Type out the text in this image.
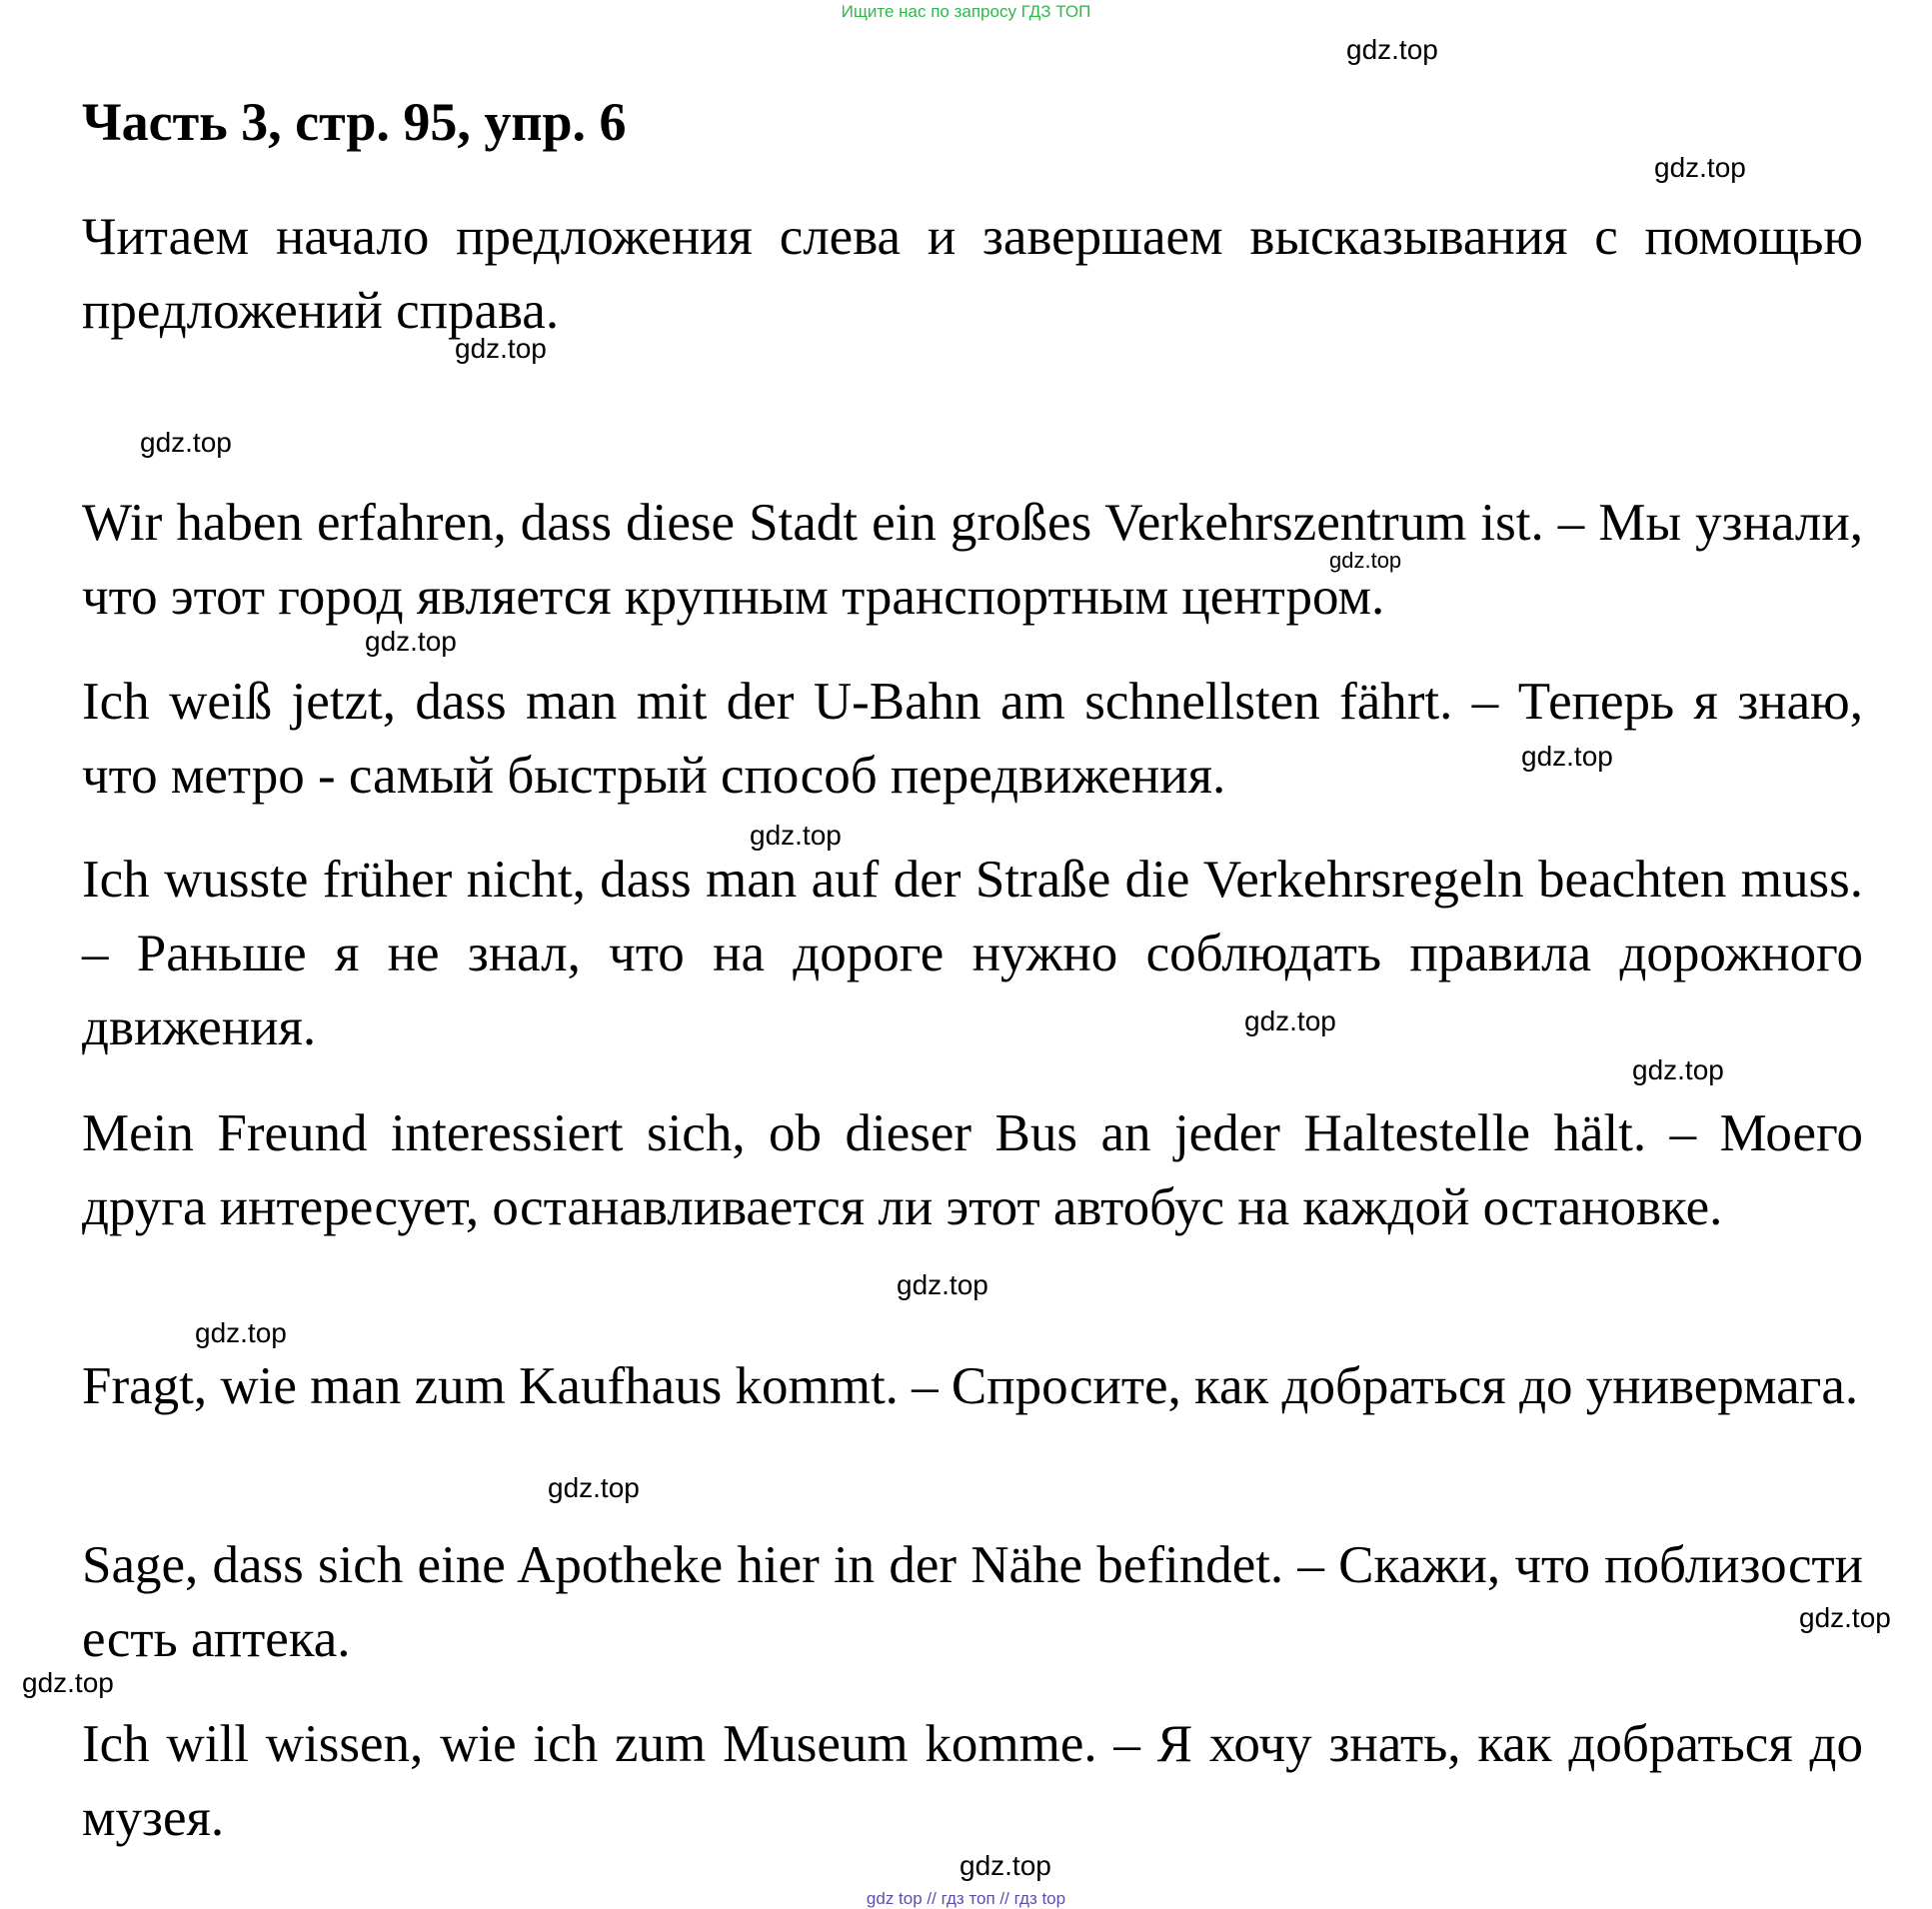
Ищите нас по запросу ГДЗ ТОП
Часть 3, стр. 95, упр. 6

Читаем начало предложения слева и завершаем высказывания с помощью предложений справа.

Wir haben erfahren, dass diese Stadt ein großes Verkehrszentrum ist. – Мы узнали, что этот город является крупным транспортным центром.

Ich weiß jetzt, dass man mit der U-Bahn am schnellsten fährt. – Теперь я знаю, что метро - самый быстрый способ передвижения.

Ich wusste früher nicht, dass man auf der Straße die Verkehrsregeln beachten muss. – Раньше я не знал, что на дороге нужно соблюдать правила дорожного движения.

Mein Freund interessiert sich, ob dieser Bus an jeder Haltestelle hält. – Моего друга интересует, останавливается ли этот автобус на каждой остановке.

Fragt, wie man zum Kaufhaus kommt. – Спросите, как добраться до универмага.

Sage, dass sich eine Apotheke hier in der Nähe befindet. – Скажи, что поблизости есть аптека.

Ich will wissen, wie ich zum Museum komme. – Я хочу знать, как добраться до музея.

gdz.top
gdz.top
gdz.top
gdz.top
gdz.top
gdz.top
gdz.top
gdz.top
gdz.top
gdz.top
gdz.top
gdz.top
gdz.top
gdz.top
gdz.top
gdz.top
gdz top // гдз топ // гдз top
